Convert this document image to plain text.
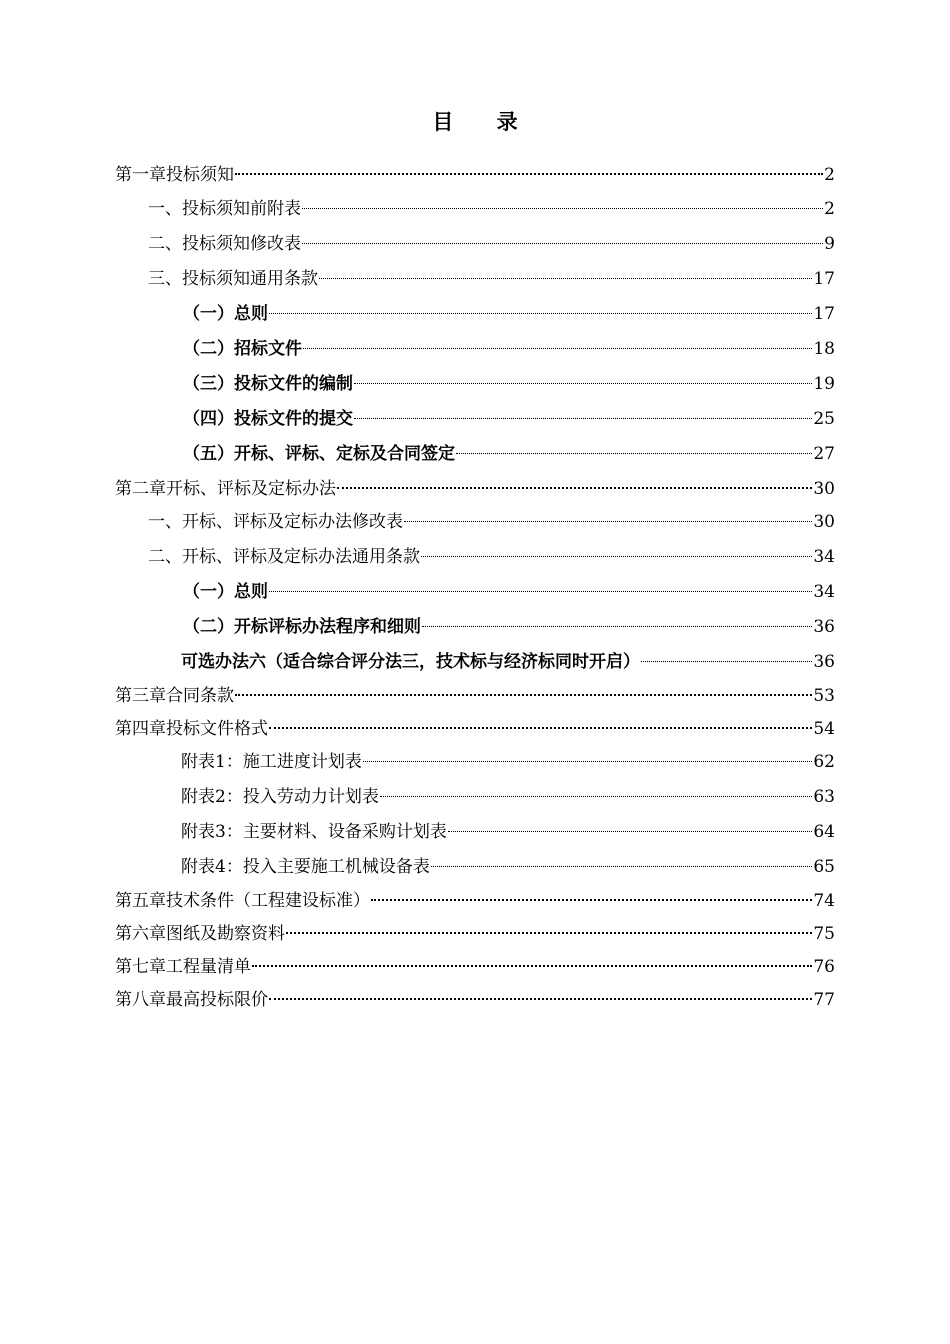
目 录
第一章投标须知	2
一、投标须知前附表	2
二、投标须知修改表	9
三、投标须知通用条款	17
（一）总则	17
（二）招标文件	18
（三）投标文件的编制	19
（四）投标文件的提交	25
（五）开标、评标、定标及合同签定	27
第二章开标、评标及定标办法	30
一、开标、评标及定标办法修改表	30
二、开标、评标及定标办法通用条款	34
（一）总则	34
（二）开标评标办法程序和细则	36
可选办法六（适合综合评分法三，技术标与经济标同时开启）	36
第三章合同条款	53
第四章投标文件格式	54
附表1：施工进度计划表	62
附表2：投入劳动力计划表	63
附表3：主要材料、设备采购计划表	64
附表4：投入主要施工机械设备表	65
第五章技术条件（工程建设标准）	74
第六章图纸及勘察资料	75
第七章工程量清单	76
第八章最高投标限价	77
